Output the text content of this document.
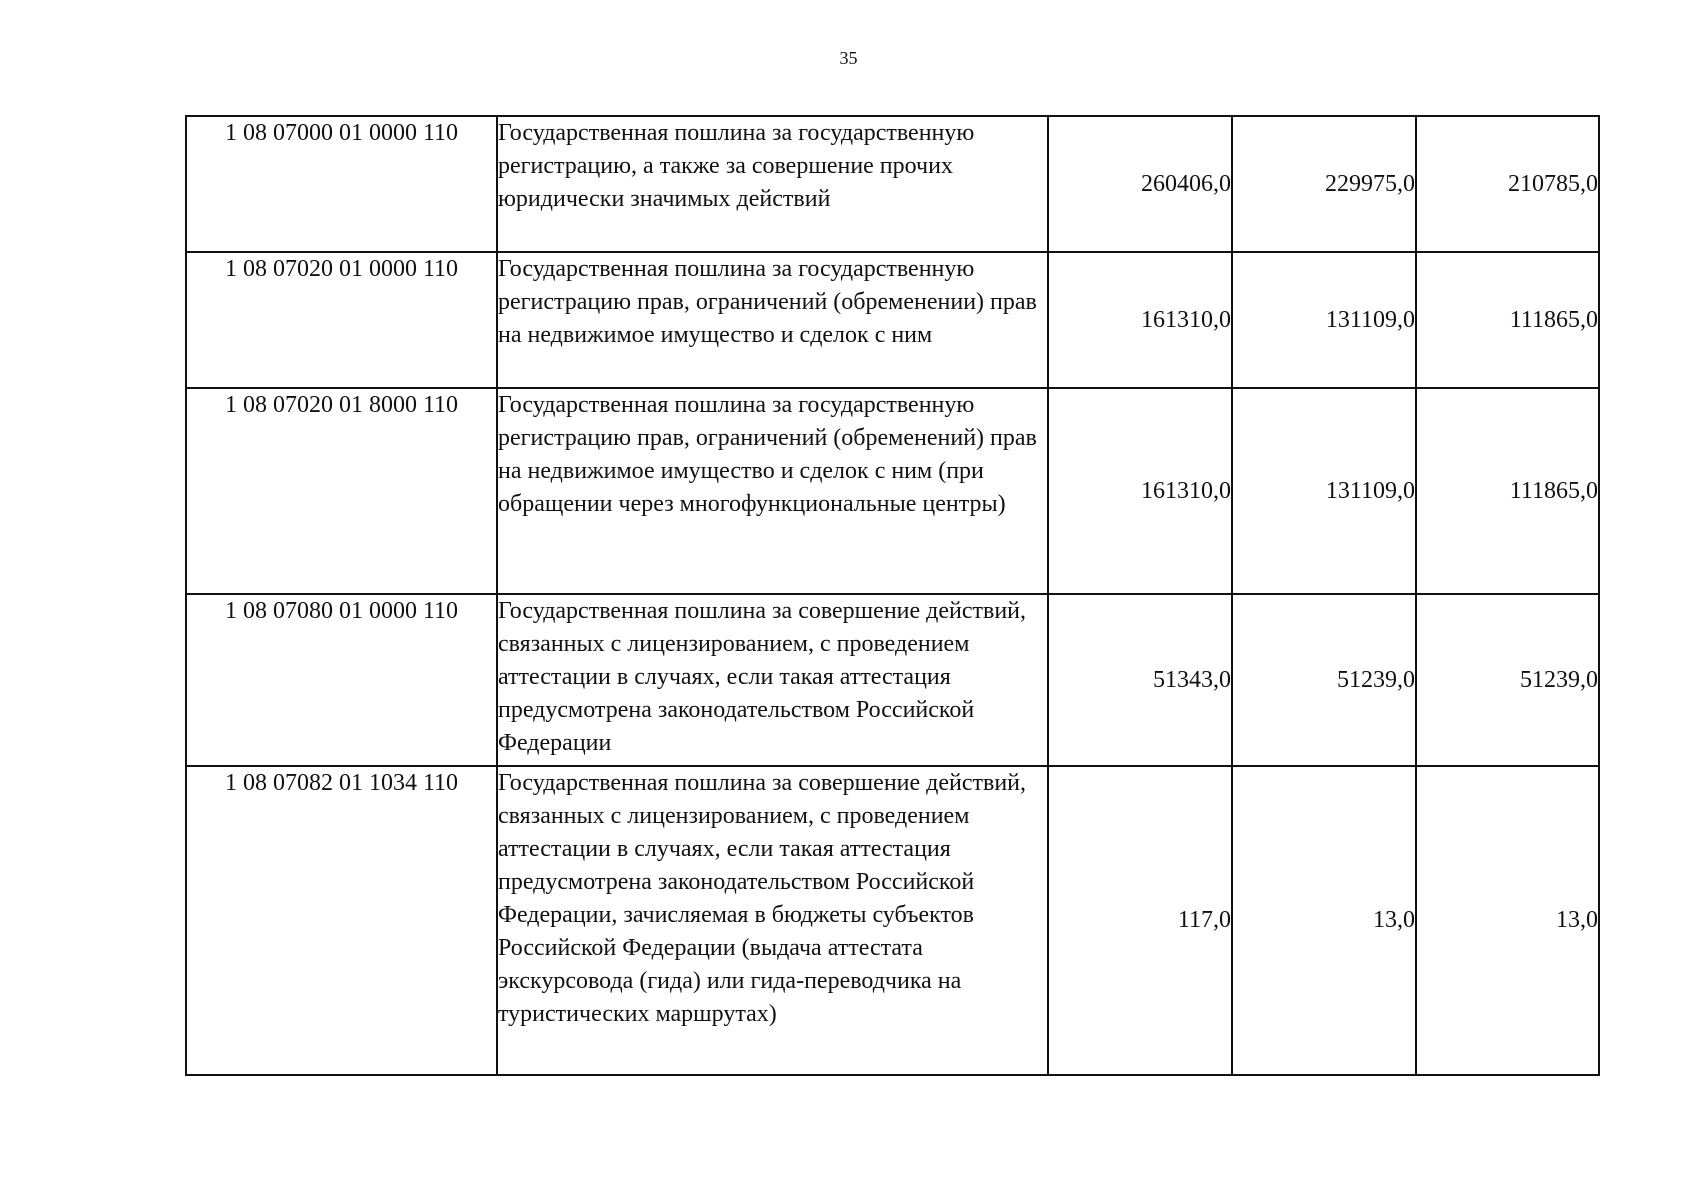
35
1 08 07000 01 0000 110	Государственная пошлина за государственную регистрацию, а также за совершение прочих юридически значимых действий	260406,0	229975,0	210785,0
1 08 07020 01 0000 110	Государственная пошлина за государственную регистрацию прав, ограничений (обременении) прав на недвижимое имущество и сделок с ним	161310,0	131109,0	111865,0
1 08 07020 01 8000 110	Государственная пошлина за государственную регистрацию прав, ограничений (обременений) прав на недвижимое имущество и сделок с ним (при обращении через многофункциональные центры)	161310,0	131109,0	111865,0
1 08 07080 01 0000 110	Государственная пошлина за совершение действий, связанных с лицензированием, с проведением аттестации в случаях, если такая аттестация предусмотрена законодательством Российской Федерации	51343,0	51239,0	51239,0
1 08 07082 01 1034 110	Государственная пошлина за совершение действий, связанных с лицензированием, с проведением аттестации в случаях, если такая аттестация предусмотрена законодательством Российской Федерации, зачисляемая в бюджеты субъектов Российской Федерации (выдача аттестата экскурсовода (гида) или гида-переводчика на туристических маршрутах)	117,0	13,0	13,0
